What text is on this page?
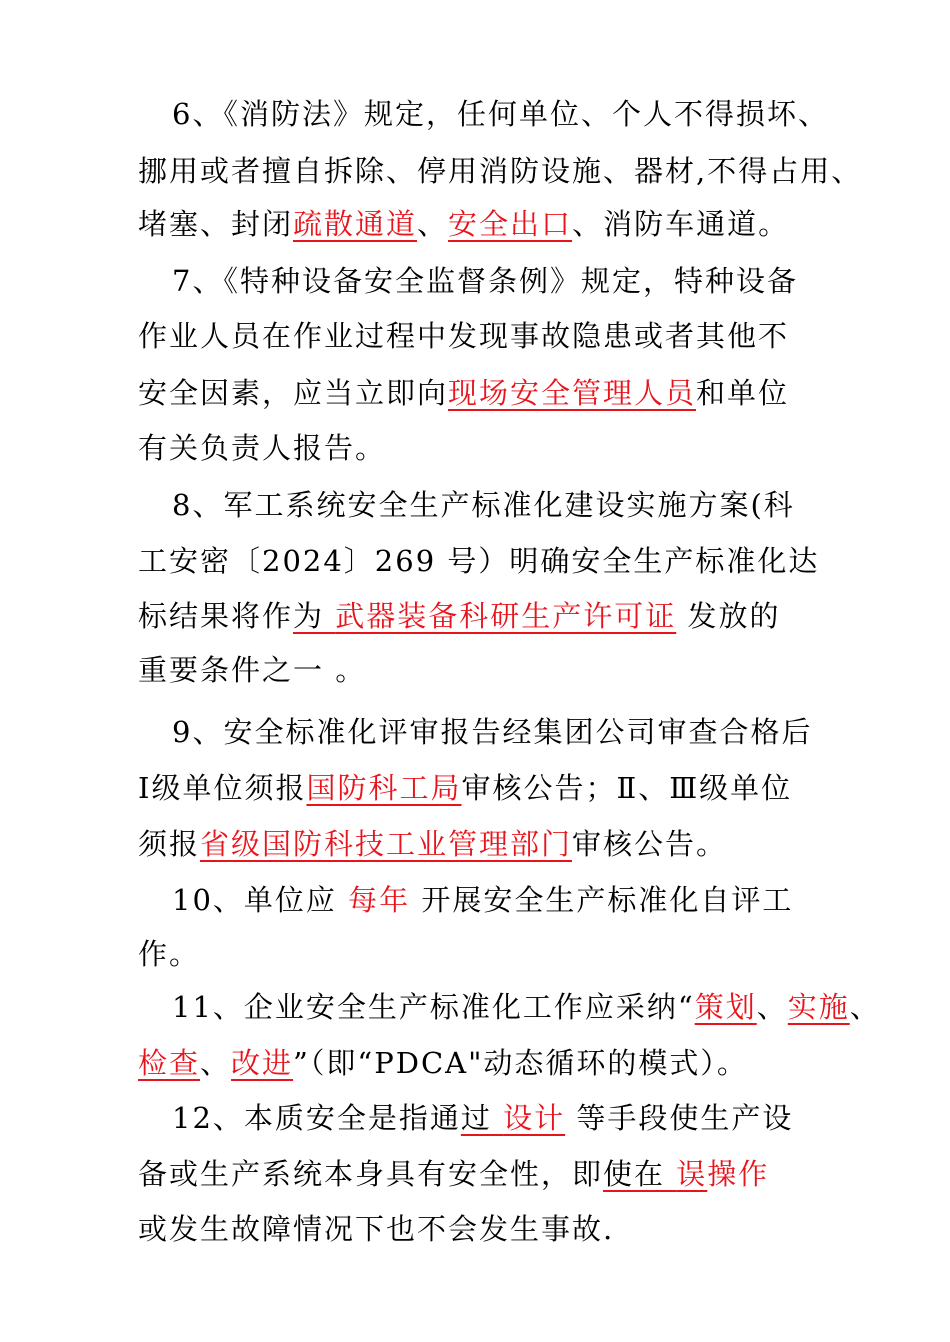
6、《消防法》规定，任何单位、个人不得损坏、
挪用或者擅自拆除、停用消防设施、器材,不得占用、
堵塞、封闭疏散通道、安全出口、消防车通道。
7、《特种设备安全监督条例》规定，特种设备
作业人员在作业过程中发现事故隐患或者其他不
安全因素，应当立即向现场安全管理人员和单位
有关负责人报告。
8、军工系统安全生产标准化建设实施方案(科
工安密〔2024〕269 号）明确安全生产标准化达
标结果将作为 武器装备科研生产许可证 发放的
重要条件之一 。
9、安全标准化评审报告经集团公司审查合格后
Ⅰ级单位须报国防科工局审核公告；Ⅱ、Ⅲ级单位
须报省级国防科技工业管理部门审核公告。
10、单位应 每年 开展安全生产标准化自评工
作。
11、企业安全生产标准化工作应采纳“策划、实施、
检查、改进”（即“PDCA"动态循环的模式）。
12、本质安全是指通过 设计 等手段使生产设
备或生产系统本身具有安全性，即使在 误操作
或发生故障情况下也不会发生事故.
